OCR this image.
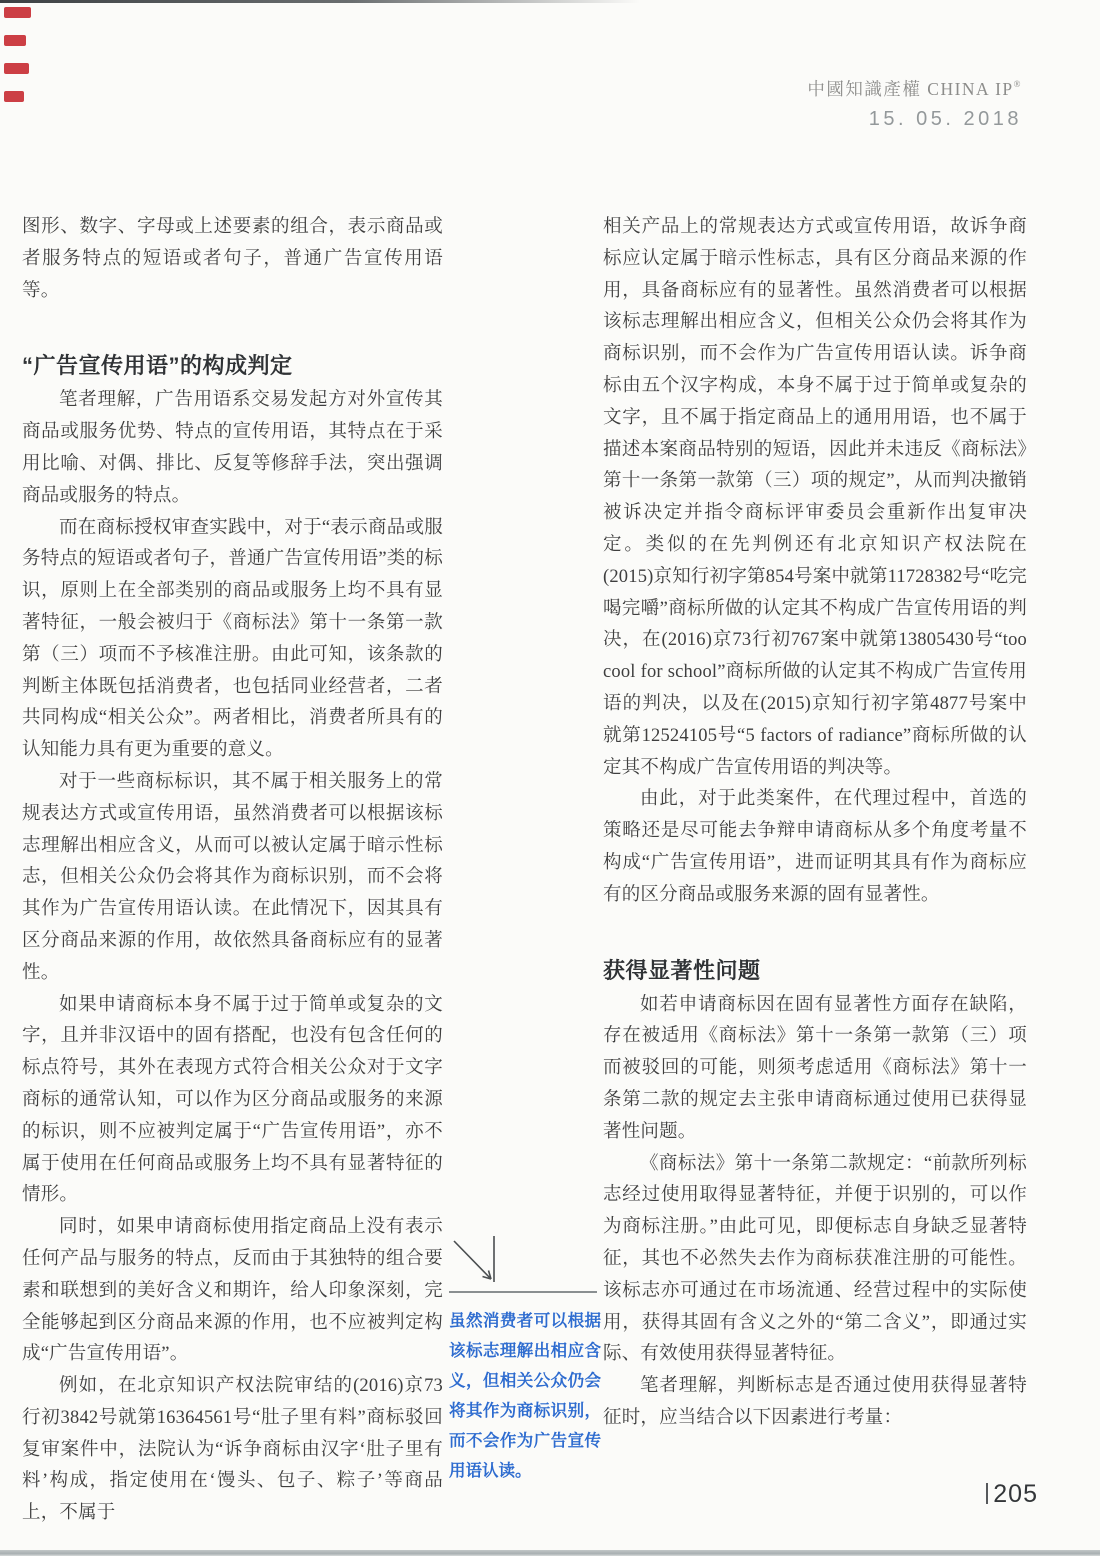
中國知識產權 CHINA IP®
15. 05. 2018

图形、数字、字母或上述要素的组合，表示商品或者服务特点的短语或者句子，普通广告宣传用语等。

“广告宣传用语”的构成判定

笔者理解，广告用语系交易发起方对外宣传其商品或服务优势、特点的宣传用语，其特点在于采用比喻、对偶、排比、反复等修辞手法，突出强调商品或服务的特点。

而在商标授权审查实践中，对于“表示商品或服务特点的短语或者句子，普通广告宣传用语”类的标识，原则上在全部类别的商品或服务上均不具有显著特征，一般会被归于《商标法》第十一条第一款第（三）项而不予核准注册。由此可知，该条款的判断主体既包括消费者，也包括同业经营者，二者共同构成“相关公众”。两者相比，消费者所具有的认知能力具有更为重要的意义。

对于一些商标标识，其不属于相关服务上的常规表达方式或宣传用语，虽然消费者可以根据该标志理解出相应含义，从而可以被认定属于暗示性标志，但相关公众仍会将其作为商标识别，而不会将其作为广告宣传用语认读。在此情况下，因其具有区分商品来源的作用，故依然具备商标应有的显著性。

如果申请商标本身不属于过于简单或复杂的文字，且并非汉语中的固有搭配，也没有包含任何的标点符号，其外在表现方式符合相关公众对于文字商标的通常认知，可以作为区分商品或服务的来源的标识，则不应被判定属于“广告宣传用语”，亦不属于使用在任何商品或服务上均不具有显著特征的情形。

同时，如果申请商标使用指定商品上没有表示任何产品与服务的特点，反而由于其独特的组合要素和联想到的美好含义和期许，给人印象深刻，完全能够起到区分商品来源的作用，也不应被判定构成“广告宣传用语”。

例如，在北京知识产权法院审结的(2016)京73行初3842号就第16364561号“肚子里有料”商标驳回复审案件中，法院认为“诉争商标由汉字‘肚子里有料’构成，指定使用在‘馒头、包子、粽子’等商品上，不属于

相关产品上的常规表达方式或宣传用语，故诉争商标应认定属于暗示性标志，具有区分商品来源的作用，具备商标应有的显著性。虽然消费者可以根据该标志理解出相应含义，但相关公众仍会将其作为商标识别，而不会作为广告宣传用语认读。诉争商标由五个汉字构成，本身不属于过于简单或复杂的文字，且不属于指定商品上的通用用语，也不属于描述本案商品特别的短语，因此并未违反《商标法》第十一条第一款第（三）项的规定”，从而判决撤销被诉决定并指令商标评审委员会重新作出复审决定。类似的在先判例还有北京知识产权法院在(2015)京知行初字第854号案中就第11728382号“吃完喝完嚼”商标所做的认定其不构成广告宣传用语的判决，在(2016)京73行初767案中就第13805430号“too cool for school”商标所做的认定其不构成广告宣传用语的判决，以及在(2015)京知行初字第4877号案中就第12524105号“5 factors of radiance”商标所做的认定其不构成广告宣传用语的判决等。

由此，对于此类案件，在代理过程中，首选的策略还是尽可能去争辩申请商标从多个角度考量不构成“广告宣传用语”，进而证明其具有作为商标应有的区分商品或服务来源的固有显著性。

获得显著性问题

如若申请商标因在固有显著性方面存在缺陷，存在被适用《商标法》第十一条第一款第（三）项而被驳回的可能，则须考虑适用《商标法》第十一条第二款的规定去主张申请商标通过使用已获得显著性问题。

《商标法》第十一条第二款规定：“前款所列标志经过使用取得显著特征，并便于识别的，可以作为商标注册。”由此可见，即便标志自身缺乏显著特征，其也不必然失去作为商标获准注册的可能性。该标志亦可通过在市场流通、经营过程中的实际使用，获得其固有含义之外的“第二含义”，即通过实际、有效使用获得显著特征。

笔者理解，判断标志是否通过使用获得显著特征时，应当结合以下因素进行考量：

虽然消费者可以根据该标志理解出相应含义，但相关公众仍会将其作为商标识别，而不会作为广告宣传用语认读。
205
